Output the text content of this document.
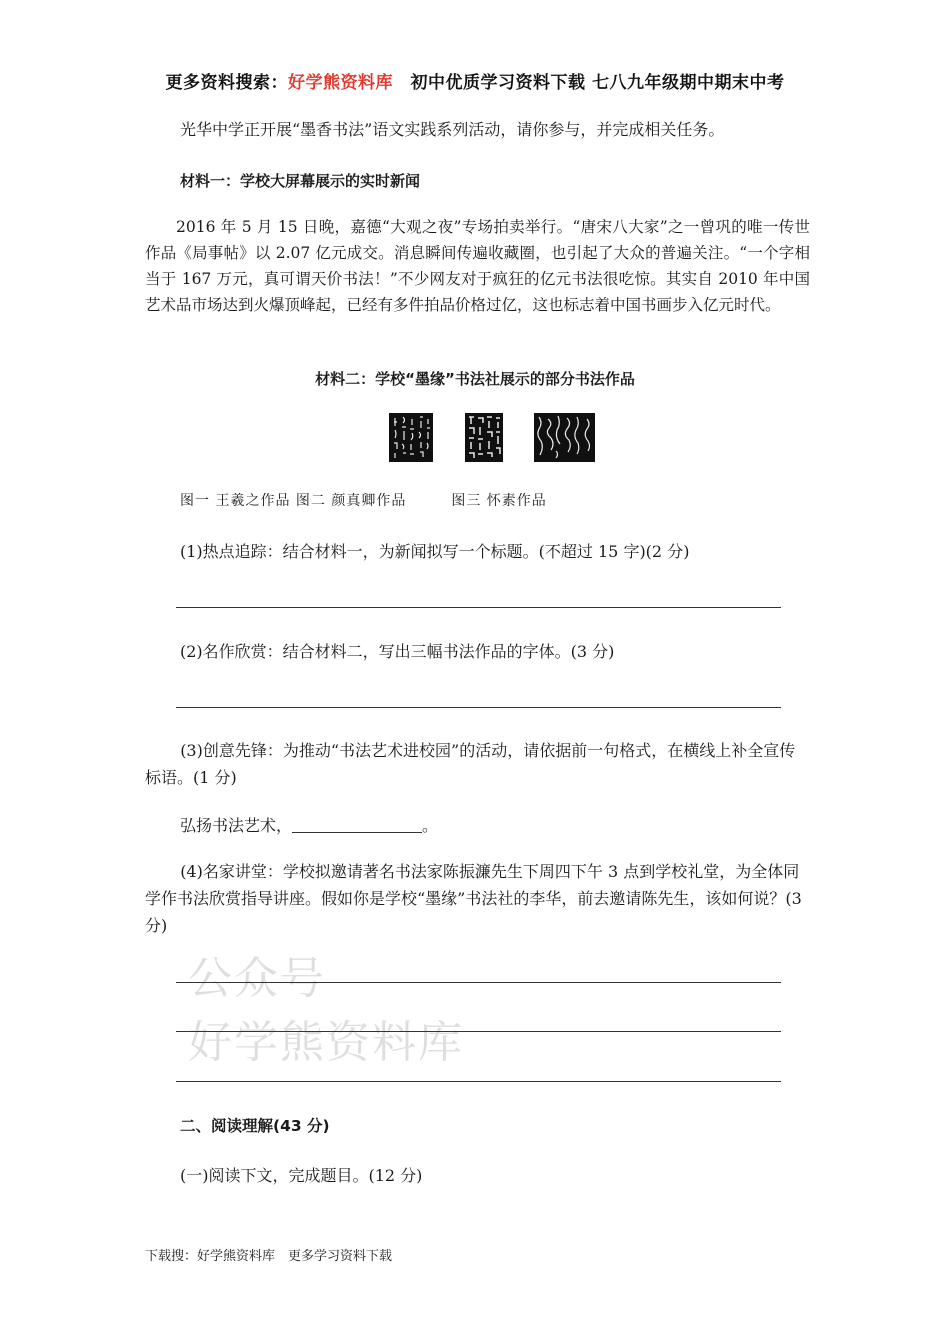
更多资料搜索：好学熊资料库　初中优质学习资料下载 七八九年级期中期末中考
光华中学正开展“墨香书法”语文实践系列活动，请你参与，并完成相关任务。
材料一：学校大屏幕展示的实时新闻
2016 年 5 月 15 日晚，嘉德“大观之夜”专场拍卖举行。“唐宋八大家”之一曾巩的唯一传世作品《局事帖》以 2.07 亿元成交。消息瞬间传遍收藏圈，也引起了大众的普遍关注。“一个字相当于 167 万元，真可谓天价书法！”不少网友对于疯狂的亿元书法很吃惊。其实自 2010 年中国艺术品市场达到火爆顶峰起，已经有多件拍品价格过亿，这也标志着中国书画步入亿元时代。
材料二：学校“墨缘”书法社展示的部分书法作品
图一 王羲之作品 图二 颜真卿作品　　　图三 怀素作品
(1)热点追踪：结合材料一，为新闻拟写一个标题。(不超过 15 字)(2 分)
(2)名作欣赏：结合材料二，写出三幅书法作品的字体。(3 分)
(3)创意先锋：为推动“书法艺术进校园”的活动，请依据前一句格式，在横线上补全宣传标语。(1 分)
弘扬书法艺术，	。
(4)名家讲堂：学校拟邀请著名书法家陈振濂先生下周四下午 3 点到学校礼堂，为全体同学作书法欣赏指导讲座。假如你是学校“墨缘”书法社的李华，前去邀请陈先生，该如何说？(3 分)
公众号
好学熊资料库
二、阅读理解(43 分)
(一)阅读下文，完成题目。(12 分)
下载搜：好学熊资料库　更多学习资料下载
